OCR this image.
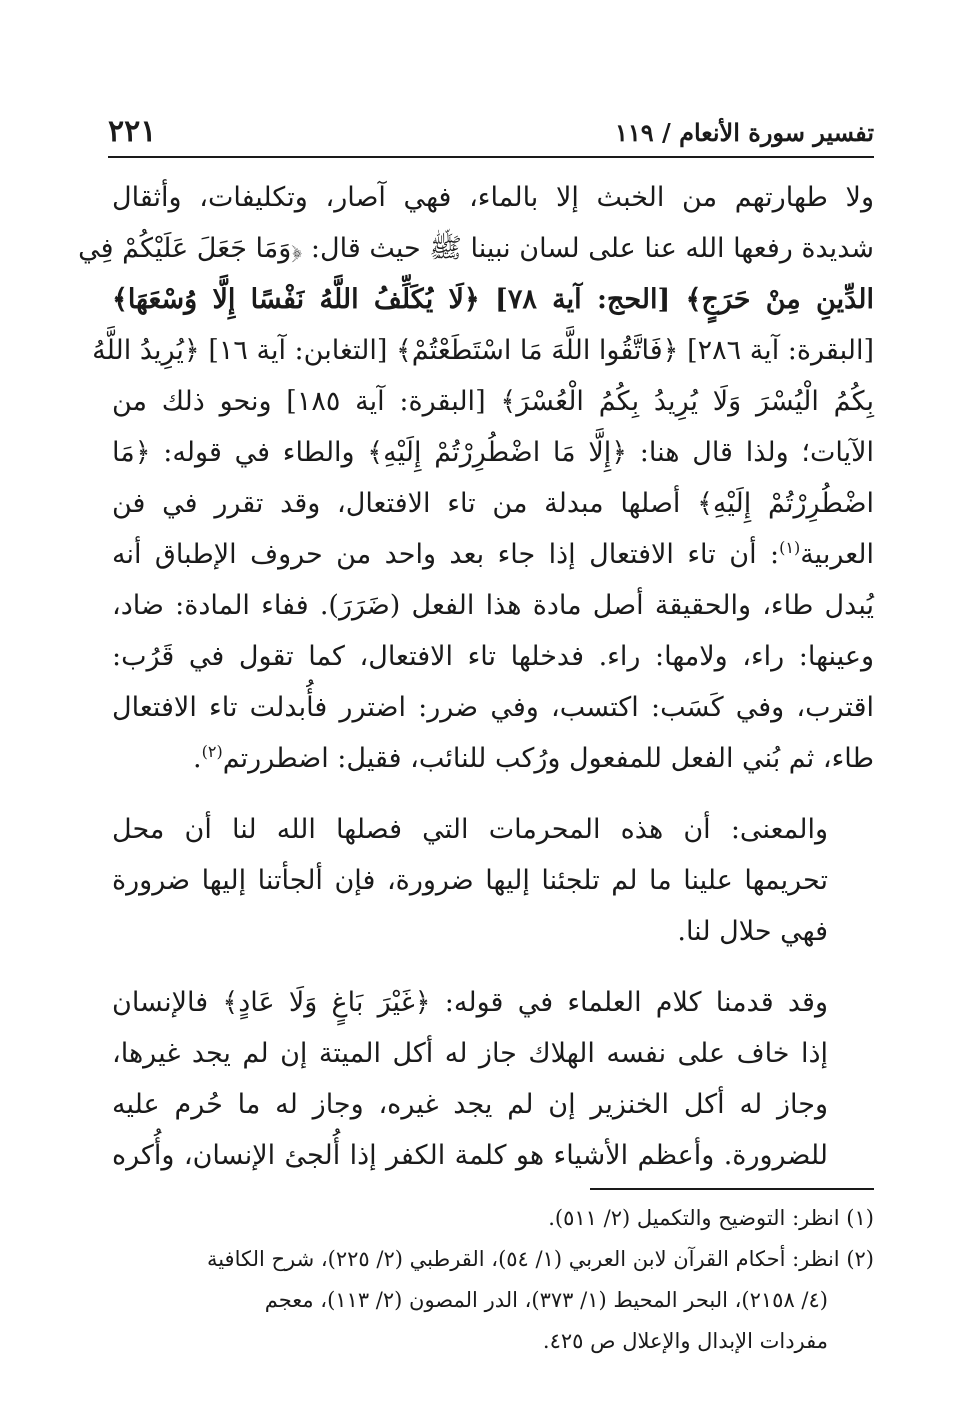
٢٢١	تفسير سورة الأنعام / ١١٩

ولا طهارتهم من الخبث إلا بالماء، فهي آصار، وتكليفات، وأثقال
شديدة رفعها الله عنا على لسان نبينا ﷺ حيث قال: ﴿وَمَا جَعَلَ عَلَيْكُمْ فِي
الدِّينِ مِنْ حَرَجٍ﴾ [الحج: آية ٧٨] ﴿لَا يُكَلِّفُ اللَّهُ نَفْسًا إِلَّا وُسْعَهَا﴾
[البقرة: آية ٢٨٦] ﴿فَاتَّقُوا اللَّهَ مَا اسْتَطَعْتُمْ﴾ [التغابن: آية ١٦] ﴿يُرِيدُ اللَّهُ
بِكُمُ الْيُسْرَ وَلَا يُرِيدُ بِكُمُ الْعُسْرَ﴾ [البقرة: آية ١٨٥] ونحو ذلك من
الآيات؛ ولذا قال هنا: ﴿إِلَّا مَا اضْطُرِرْتُمْ إِلَيْهِ﴾ والطاء في قوله: ﴿مَا
اضْطُرِرْتُمْ إِلَيْهِ﴾ أصلها مبدلة من تاء الافتعال، وقد تقرر في فن
العربية$^{(١)}$: أن تاء الافتعال إذا جاء بعد واحد من حروف الإطباق أنه
يُبدل طاء، والحقيقة أصل مادة هذا الفعل (ضَرَرَ). ففاء المادة: ضاد،
وعينها: راء، ولامها: راء. فدخلها تاء الافتعال، كما تقول في قَرُب:
اقترب، وفي كَسَب: اكتسب، وفي ضرر: اضترر فأُبدلت تاء الافتعال
طاء، ثم بُني الفعل للمفعول ورُكب للنائب، فقيل: اضطررتم$^{(٢)}$.

والمعنى: أن هذه المحرمات التي فصلها الله لنا أن محل
تحريمها علينا ما لم تلجئنا إليها ضرورة، فإن ألجأتنا إليها ضرورة
فهي حلال لنا.

وقد قدمنا كلام العلماء في قوله: ﴿غَيْرَ بَاغٍ وَلَا عَادٍ﴾ فالإنسان
إذا خاف على نفسه الهلاك جاز له أكل الميتة إن لم يجد غيرها،
وجاز له أكل الخنزير إن لم يجد غيره، وجاز له ما حُرم عليه
للضرورة. وأعظم الأشياء هو كلمة الكفر إذا أُلجئ الإنسان، وأُكره

(١) انظر: التوضيح والتكميل (٢/ ٥١١).
(٢) انظر: أحكام القرآن لابن العربي (١/ ٥٤)، القرطبي (٢/ ٢٢٥)، شرح الكافية
(٤/ ٢١٥٨)، البحر المحيط (١/ ٣٧٣)، الدر المصون (٢/ ١١٣)، معجم
مفردات الإبدال والإعلال ص ٤٢٥.
